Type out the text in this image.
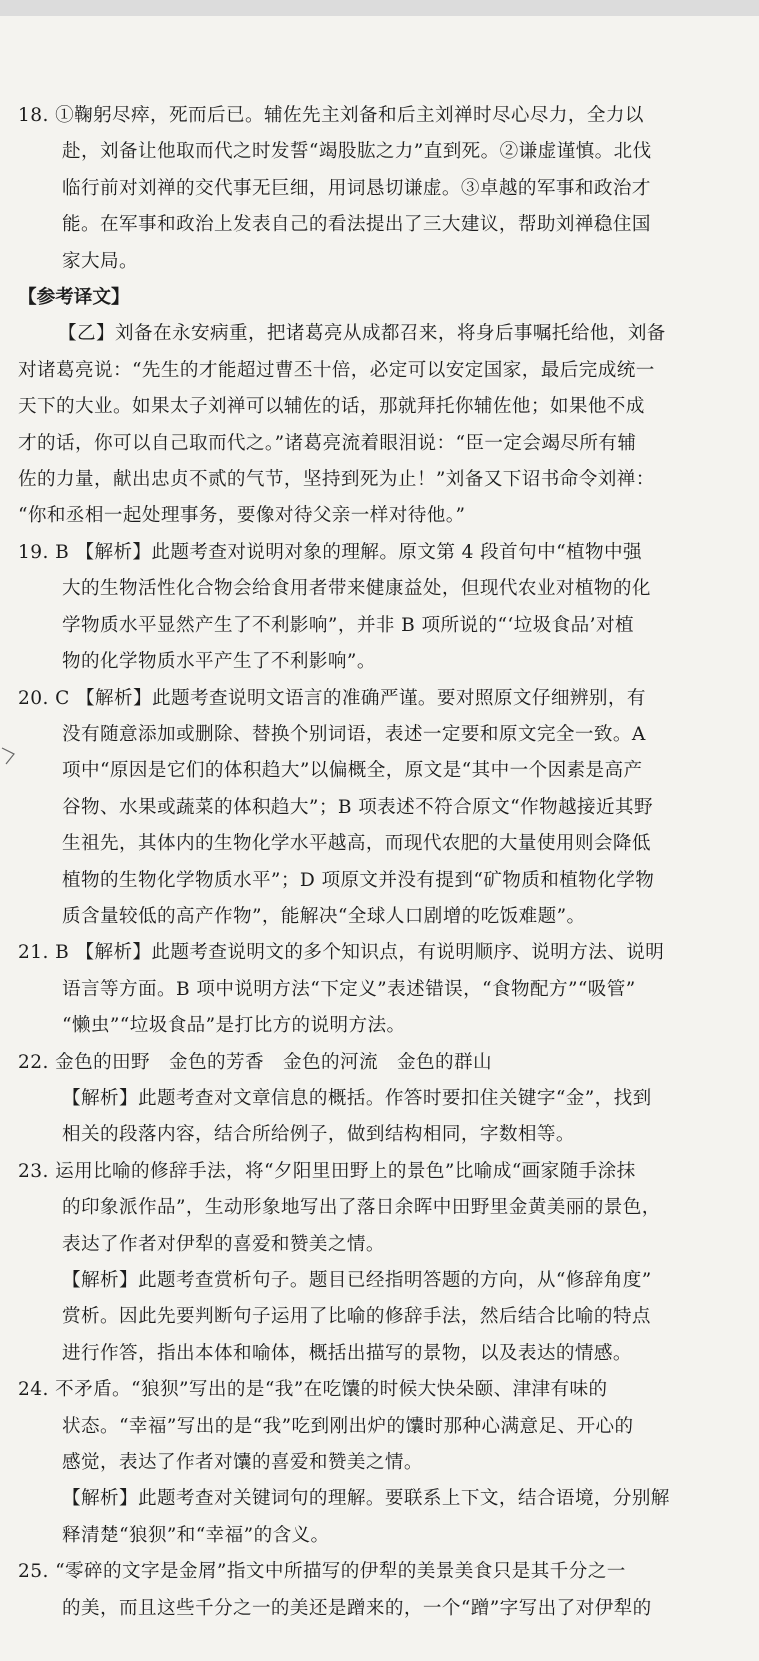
18. ①鞠躬尽瘁，死而后已。辅佐先主刘备和后主刘禅时尽心尽力，全力以
赴，刘备让他取而代之时发誓“竭股肱之力”直到死。②谦虚谨慎。北伐
临行前对刘禅的交代事无巨细，用词恳切谦虚。③卓越的军事和政治才
能。在军事和政治上发表自己的看法提出了三大建议，帮助刘禅稳住国
家大局。
【参考译文】
【乙】刘备在永安病重，把诸葛亮从成都召来，将身后事嘱托给他，刘备
对诸葛亮说：“先生的才能超过曹丕十倍，必定可以安定国家，最后完成统一
天下的大业。如果太子刘禅可以辅佐的话，那就拜托你辅佐他；如果他不成
才的话，你可以自己取而代之。”诸葛亮流着眼泪说：“臣一定会竭尽所有辅
佐的力量，献出忠贞不贰的气节，坚持到死为止！”刘备又下诏书命令刘禅：
“你和丞相一起处理事务，要像对待父亲一样对待他。”
19. B 【解析】此题考查对说明对象的理解。原文第 4 段首句中“植物中强
大的生物活性化合物会给食用者带来健康益处，但现代农业对植物的化
学物质水平显然产生了不利影响”，并非 B 项所说的“‘垃圾食品’对植
物的化学物质水平产生了不利影响”。
20. C 【解析】此题考查说明文语言的准确严谨。要对照原文仔细辨别，有
没有随意添加或删除、替换个别词语，表述一定要和原文完全一致。A
项中“原因是它们的体积趋大”以偏概全，原文是“其中一个因素是高产
谷物、水果或蔬菜的体积趋大”；B 项表述不符合原文“作物越接近其野
生祖先，其体内的生物化学水平越高，而现代农肥的大量使用则会降低
植物的生物化学物质水平”；D 项原文并没有提到“矿物质和植物化学物
质含量较低的高产作物”，能解决“全球人口剧增的吃饭难题”。
21. B 【解析】此题考查说明文的多个知识点，有说明顺序、说明方法、说明
语言等方面。B 项中说明方法“下定义”表述错误，“食物配方”“吸管”
“懒虫”“垃圾食品”是打比方的说明方法。
22. 金色的田野　金色的芳香　金色的河流　金色的群山
【解析】此题考查对文章信息的概括。作答时要扣住关键字“金”，找到
相关的段落内容，结合所给例子，做到结构相同，字数相等。
23. 运用比喻的修辞手法，将“夕阳里田野上的景色”比喻成“画家随手涂抹
的印象派作品”，生动形象地写出了落日余晖中田野里金黄美丽的景色，
表达了作者对伊犁的喜爱和赞美之情。
【解析】此题考查赏析句子。题目已经指明答题的方向，从“修辞角度”
赏析。因此先要判断句子运用了比喻的修辞手法，然后结合比喻的特点
进行作答，指出本体和喻体，概括出描写的景物，以及表达的情感。
24. 不矛盾。“狼狈”写出的是“我”在吃馕的时候大快朵颐、津津有味的
状态。“幸福”写出的是“我”吃到刚出炉的馕时那种心满意足、开心的
感觉，表达了作者对馕的喜爱和赞美之情。
【解析】此题考查对关键词句的理解。要联系上下文，结合语境，分别解
释清楚“狼狈”和“幸福”的含义。
25. “零碎的文字是金屑”指文中所描写的伊犁的美景美食只是其千分之一
的美，而且这些千分之一的美还是蹭来的，一个“蹭”字写出了对伊犁的
